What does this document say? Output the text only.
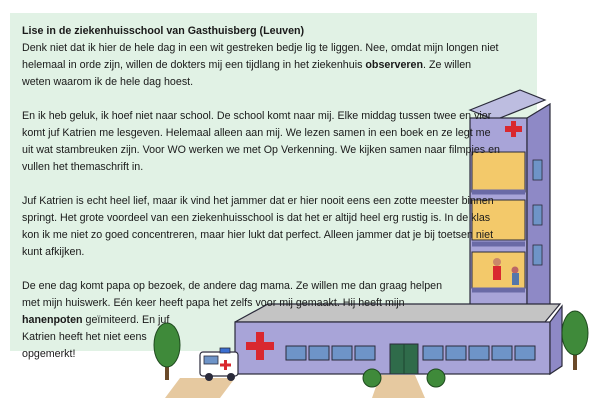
Lise in de ziekenhuisschool van Gasthuisberg (Leuven)

Denk niet dat ik hier de hele dag in een wit gestreken bedje lig te liggen. Nee, omdat mijn longen niet helemaal in orde zijn, willen de dokters mij een tijdlang in het ziekenhuis observeren. Ze willen weten waarom ik de hele dag hoest.

En ik heb geluk, ik hoef niet naar school. De school komt naar mij. Elke middag tussen twee en vier komt juf Katrien me lesgeven. Helemaal alleen aan mij. We lezen samen in een boek en ze legt me uit wat stambreuken zijn. Voor WO werken we met Op Verkenning. We kijken samen naar filmpjes en vullen het themaschrift in.

Juf Katrien is echt heel lief, maar ik vind het jammer dat er hier nooit eens een zotte meester binnen springt. Het grote voordeel van een ziekenhuisschool is dat het er altijd heel erg rustig is. In de klas kon ik me niet zo goed concentreren, maar hier lukt dat perfect. Alleen jammer dat je bij toetsen niet kunt afkijken.

De ene dag komt papa op bezoek, de andere dag mama. Ze willen me dan graag helpen
met mijn huiswerk. Eén keer heeft papa het zelfs voor mij gemaakt. Hij heeft mijn
hanenpoten geïmiteerd. En juf
Katrien heeft het niet eens
opgemerkt!
